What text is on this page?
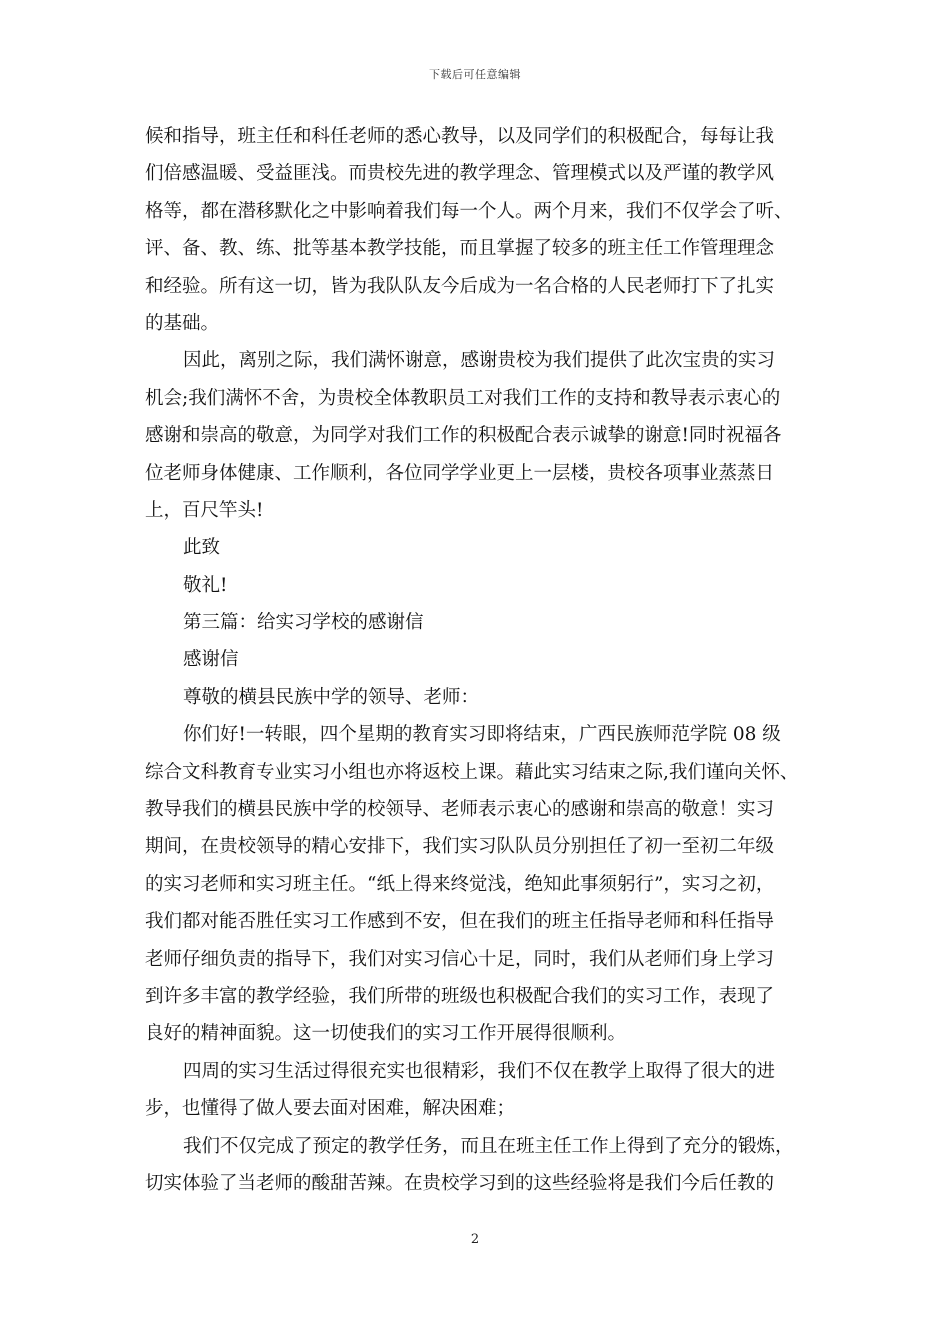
下载后可任意编辑
候和指导，班主任和科任老师的悉心教导，以及同学们的积极配合，每每让我
们倍感温暖、受益匪浅。而贵校先进的教学理念、管理模式以及严谨的教学风
格等，都在潜移默化之中影响着我们每一个人。两个月来，我们不仅学会了听、
评、备、教、练、批等基本教学技能，而且掌握了较多的班主任工作管理理念
和经验。所有这一切，皆为我队队友今后成为一名合格的人民老师打下了扎实
的基础。
因此，离别之际，我们满怀谢意，感谢贵校为我们提供了此次宝贵的实习
机会;我们满怀不舍，为贵校全体教职员工对我们工作的支持和教导表示衷心的
感谢和崇高的敬意，为同学对我们工作的积极配合表示诚挚的谢意!同时祝福各
位老师身体健康、工作顺利，各位同学学业更上一层楼，贵校各项事业蒸蒸日
上，百尺竿头!
此致
敬礼!
第三篇：给实习学校的感谢信
感谢信
尊敬的横县民族中学的领导、老师：
你们好!一转眼，四个星期的教育实习即将结束，广西民族师范学院 08 级
综合文科教育专业实习小组也亦将返校上课。藉此实习结束之际,我们谨向关怀、
教导我们的横县民族中学的校领导、老师表示衷心的感谢和崇高的敬意！实习
期间，在贵校领导的精心安排下，我们实习队队员分别担任了初一至初二年级
的实习老师和实习班主任。“纸上得来终觉浅，绝知此事须躬行”，实习之初，
我们都对能否胜任实习工作感到不安，但在我们的班主任指导老师和科任指导
老师仔细负责的指导下，我们对实习信心十足，同时，我们从老师们身上学习
到许多丰富的教学经验，我们所带的班级也积极配合我们的实习工作，表现了
良好的精神面貌。这一切使我们的实习工作开展得很顺利。
四周的实习生活过得很充实也很精彩，我们不仅在教学上取得了很大的进
步，也懂得了做人要去面对困难，解决困难；
我们不仅完成了预定的教学任务，而且在班主任工作上得到了充分的锻炼，
切实体验了当老师的酸甜苦辣。在贵校学习到的这些经验将是我们今后任教的
2
